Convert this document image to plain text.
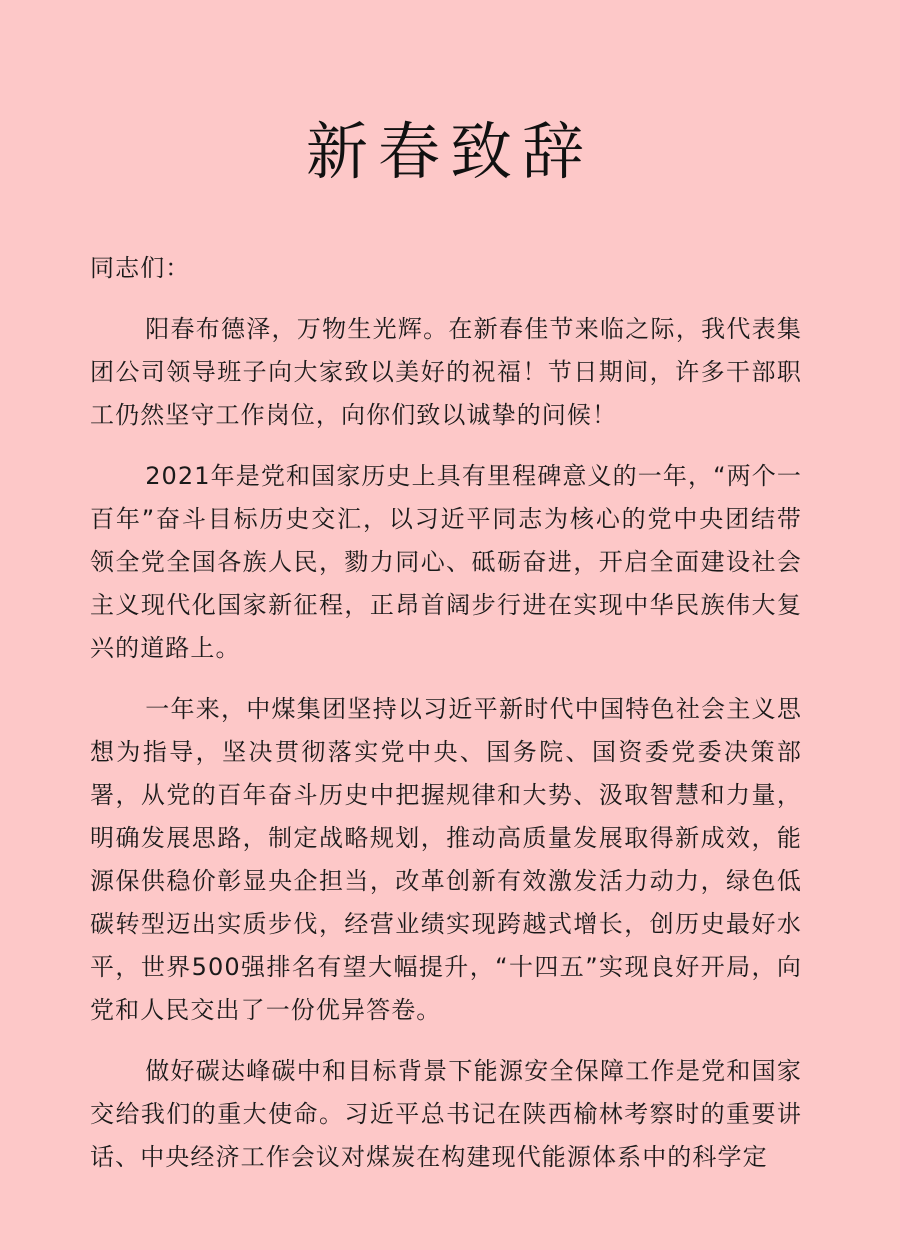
新春致辞

同志们：

阳春布德泽，万物生光辉。在新春佳节来临之际，我代表集团公司领导班子向大家致以美好的祝福！节日期间，许多干部职工仍然坚守工作岗位，向你们致以诚挚的问候！

2021年是党和国家历史上具有里程碑意义的一年，“两个一百年”奋斗目标历史交汇，以习近平同志为核心的党中央团结带领全党全国各族人民，勠力同心、砥砺奋进，开启全面建设社会主义现代化国家新征程，正昂首阔步行进在实现中华民族伟大复兴的道路上。

一年来，中煤集团坚持以习近平新时代中国特色社会主义思想为指导，坚决贯彻落实党中央、国务院、国资委党委决策部署，从党的百年奋斗历史中把握规律和大势、汲取智慧和力量，明确发展思路，制定战略规划，推动高质量发展取得新成效，能源保供稳价彰显央企担当，改革创新有效激发活力动力，绿色低碳转型迈出实质步伐，经营业绩实现跨越式增长，创历史最好水平，世界500强排名有望大幅提升，“十四五”实现良好开局，向党和人民交出了一份优异答卷。

做好碳达峰碳中和目标背景下能源安全保障工作是党和国家交给我们的重大使命。习近平总书记在陕西榆林考察时的重要讲话、中央经济工作会议对煤炭在构建现代能源体系中的科学定
